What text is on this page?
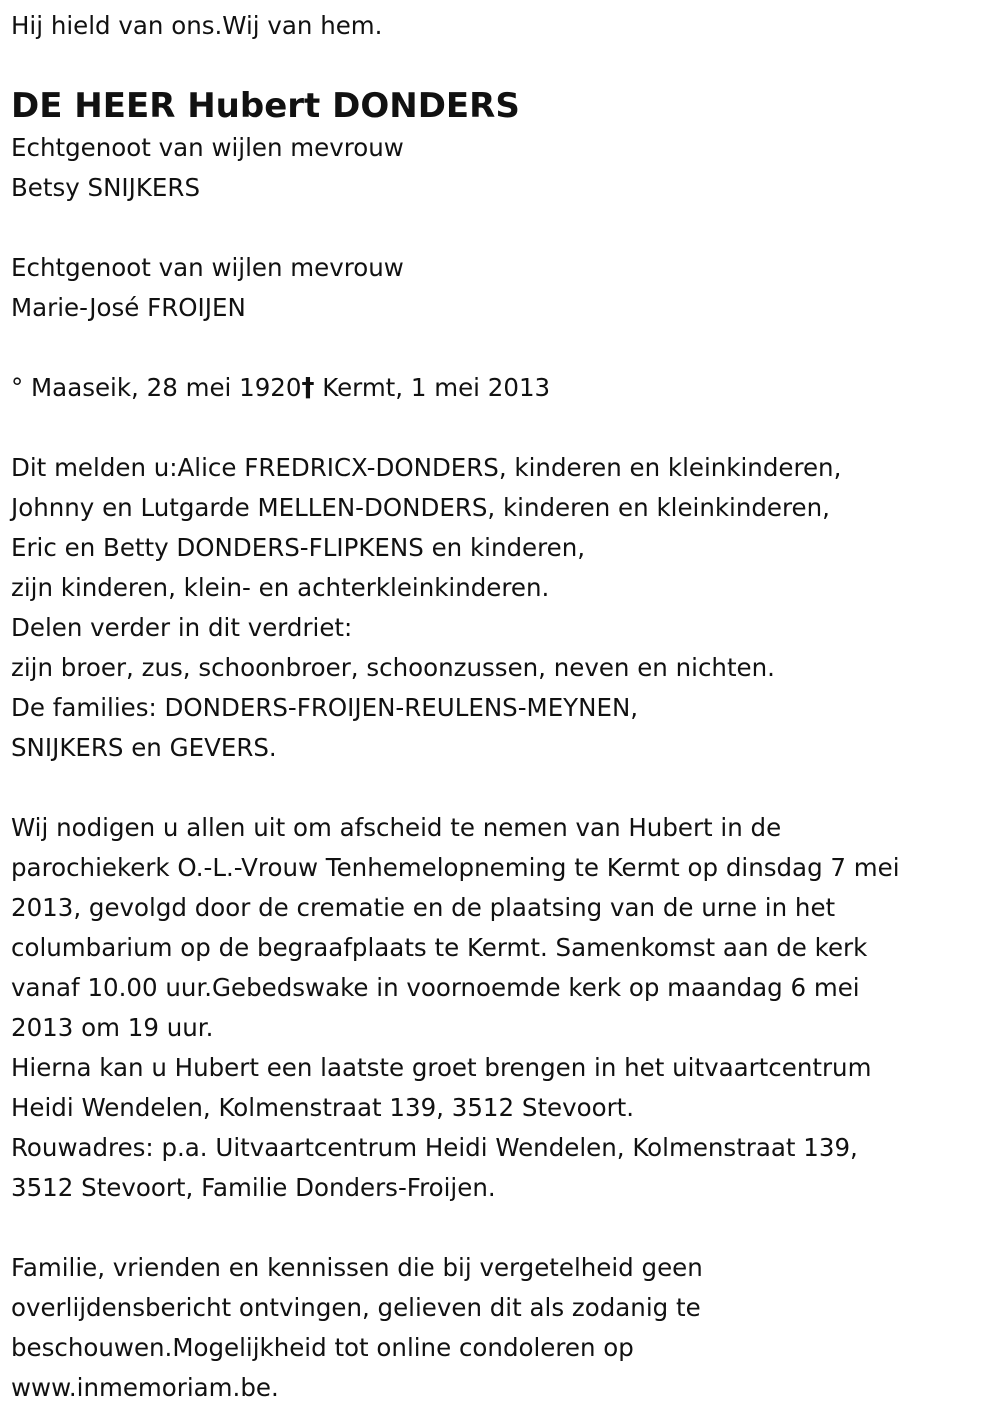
Hij hield van ons.Wij van hem.
DE HEER Hubert DONDERS
Echtgenoot van wijlen mevrouw
Betsy SNIJKERS
Echtgenoot van wijlen mevrouw
Marie-José FROIJEN
° Maaseik, 28 mei 1920† Kermt, 1 mei 2013
Dit melden u:Alice FREDRICX-DONDERS, kinderen en kleinkinderen,
Johnny en Lutgarde MELLEN-DONDERS, kinderen en kleinkinderen,
Eric en Betty DONDERS-FLIPKENS en kinderen,
zijn kinderen, klein- en achterkleinkinderen.
Delen verder in dit verdriet:
zijn broer, zus, schoonbroer, schoonzussen, neven en nichten.
De families: DONDERS-FROIJEN-REULENS-MEYNEN,
SNIJKERS en GEVERS.
Wij nodigen u allen uit om afscheid te nemen van Hubert in de
parochiekerk O.-L.-Vrouw Tenhemelopneming te Kermt op dinsdag 7 mei
2013, gevolgd door de crematie en de plaatsing van de urne in het
columbarium op de begraafplaats te Kermt. Samenkomst aan de kerk
vanaf 10.00 uur.Gebedswake in voornoemde kerk op maandag 6 mei
2013 om 19 uur.
Hierna kan u Hubert een laatste groet brengen in het uitvaartcentrum
Heidi Wendelen, Kolmenstraat 139, 3512 Stevoort.
Rouwadres: p.a. Uitvaartcentrum Heidi Wendelen, Kolmenstraat 139,
3512 Stevoort, Familie Donders-Froijen.
Familie, vrienden en kennissen die bij vergetelheid geen
overlijdensbericht ontvingen, gelieven dit als zodanig te
beschouwen.Mogelijkheid tot online condoleren op
www.inmemoriam.be.
